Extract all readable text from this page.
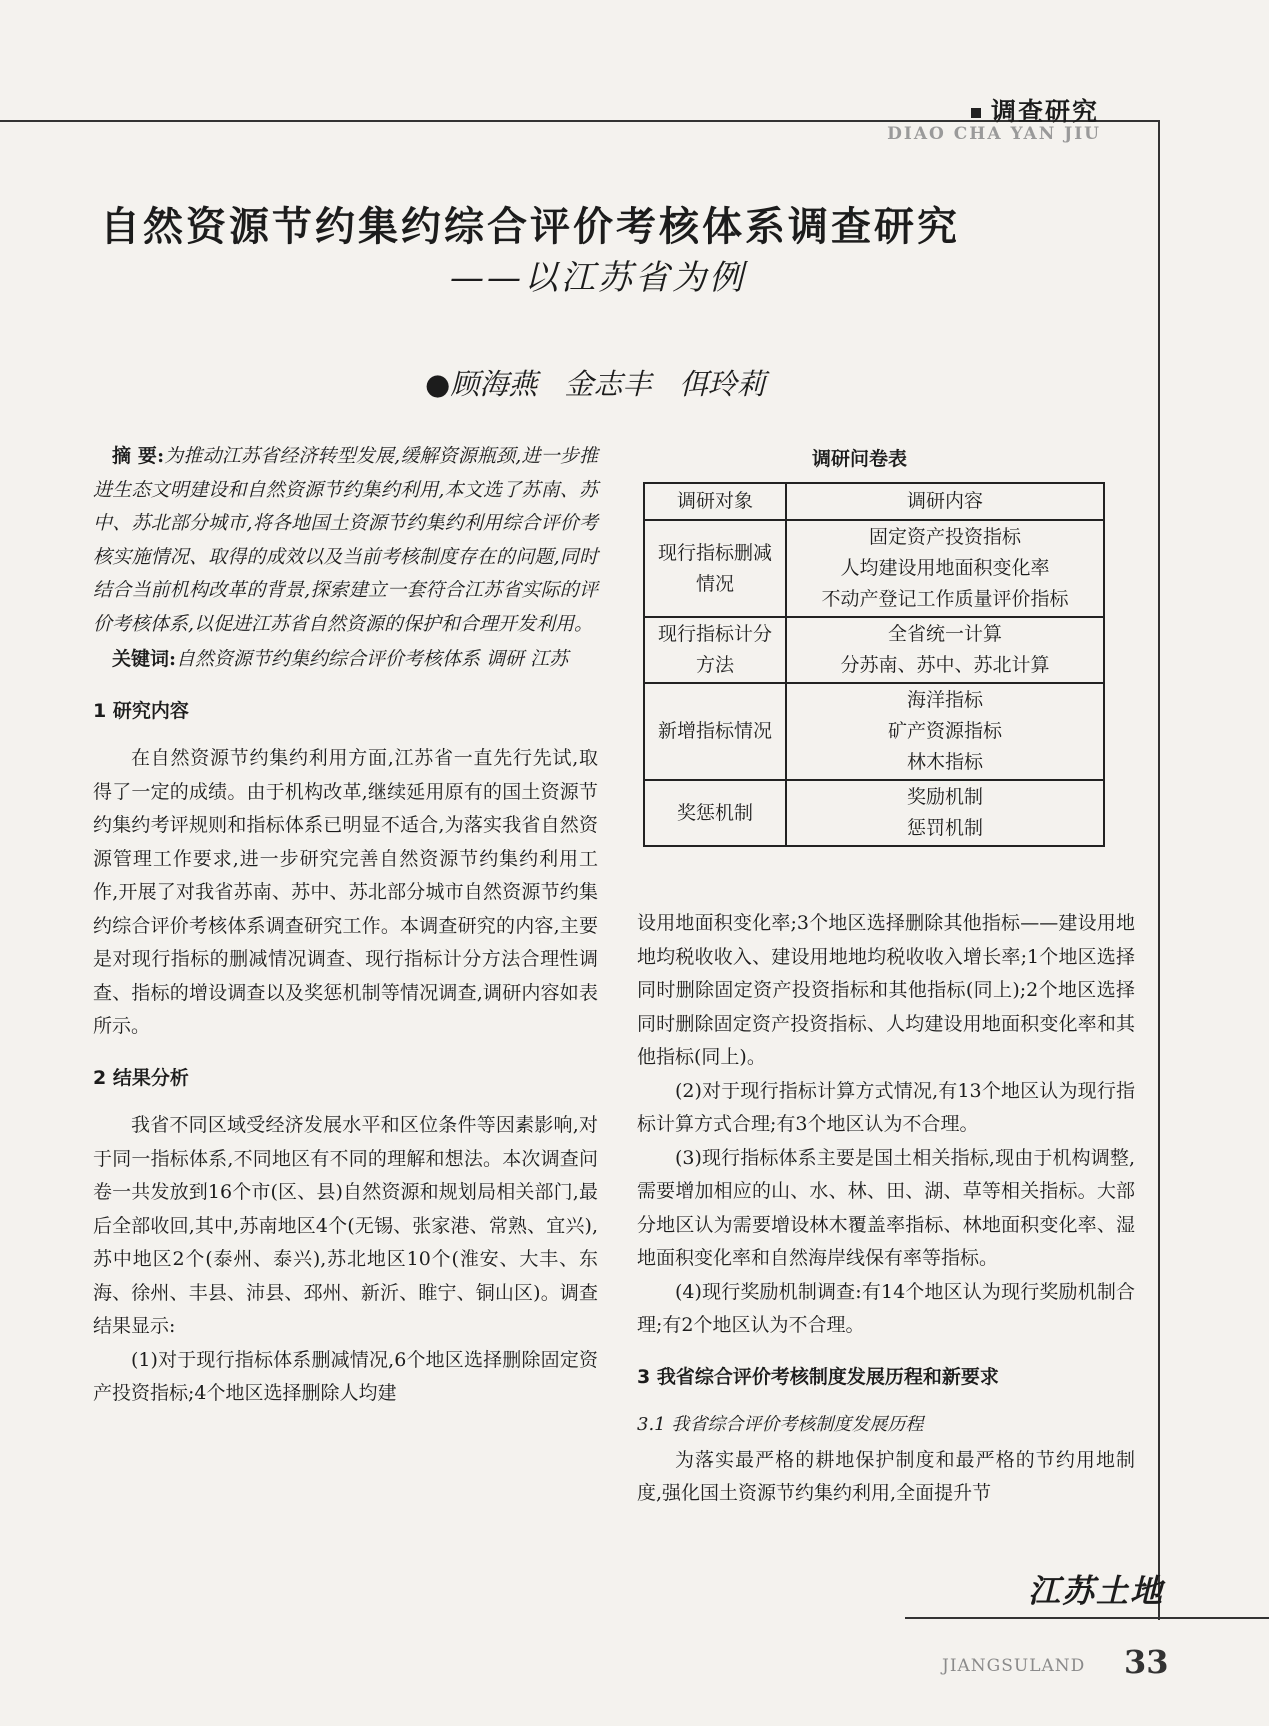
调查研究
DIAO CHA YAN JIU
自然资源节约集约综合评价考核体系调查研究
——以江苏省为例
●顾海燕 金志丰 佴玲莉

摘 要:为推动江苏省经济转型发展,缓解资源瓶颈,进一步推进生态文明建设和自然资源节约集约利用,本文选了苏南、苏中、苏北部分城市,将各地国土资源节约集约利用综合评价考核实施情况、取得的成效以及当前考核制度存在的问题,同时结合当前机构改革的背景,探索建立一套符合江苏省实际的评价考核体系,以促进江苏省自然资源的保护和合理开发利用。

关键词:自然资源节约集约综合评价考核体系 调研 江苏

1 研究内容

在自然资源节约集约利用方面,江苏省一直先行先试,取得了一定的成绩。由于机构改革,继续延用原有的国土资源节约集约考评规则和指标体系已明显不适合,为落实我省自然资源管理工作要求,进一步研究完善自然资源节约集约利用工作,开展了对我省苏南、苏中、苏北部分城市自然资源节约集约综合评价考核体系调查研究工作。本调查研究的内容,主要是对现行指标的删减情况调查、现行指标计分方法合理性调查、指标的增设调查以及奖惩机制等情况调查,调研内容如表所示。

2 结果分析

我省不同区域受经济发展水平和区位条件等因素影响,对于同一指标体系,不同地区有不同的理解和想法。本次调查问卷一共发放到16个市(区、县)自然资源和规划局相关部门,最后全部收回,其中,苏南地区4个(无锡、张家港、常熟、宜兴),苏中地区2个(泰州、泰兴),苏北地区10个(淮安、大丰、东海、徐州、丰县、沛县、邳州、新沂、睢宁、铜山区)。调查结果显示:

(1)对于现行指标体系删减情况,6个地区选择删除固定资产投资指标;4个地区选择删除人均建

调研问卷表
调研对象	调研内容
现行指标删减情况	固定资产投资指标
人均建设用地面积变化率
不动产登记工作质量评价指标

现行指标计分方法	全省统一计算
分苏南、苏中、苏北计算

新增指标情况	海洋指标
矿产资源指标
林木指标

奖惩机制	奖励机制
惩罚机制

设用地面积变化率;3个地区选择删除其他指标——建设用地地均税收收入、建设用地地均税收收入增长率;1个地区选择同时删除固定资产投资指标和其他指标(同上);2个地区选择同时删除固定资产投资指标、人均建设用地面积变化率和其他指标(同上)。

(2)对于现行指标计算方式情况,有13个地区认为现行指标计算方式合理;有3个地区认为不合理。

(3)现行指标体系主要是国土相关指标,现由于机构调整,需要增加相应的山、水、林、田、湖、草等相关指标。大部分地区认为需要增设林木覆盖率指标、林地面积变化率、湿地面积变化率和自然海岸线保有率等指标。

(4)现行奖励机制调查:有14个地区认为现行奖励机制合理;有2个地区认为不合理。

3 我省综合评价考核制度发展历程和新要求
3.1 我省综合评价考核制度发展历程

为落实最严格的耕地保护制度和最严格的节约用地制度,强化国土资源节约集约利用,全面提升节

江苏土地
JIANGSULAND 33
